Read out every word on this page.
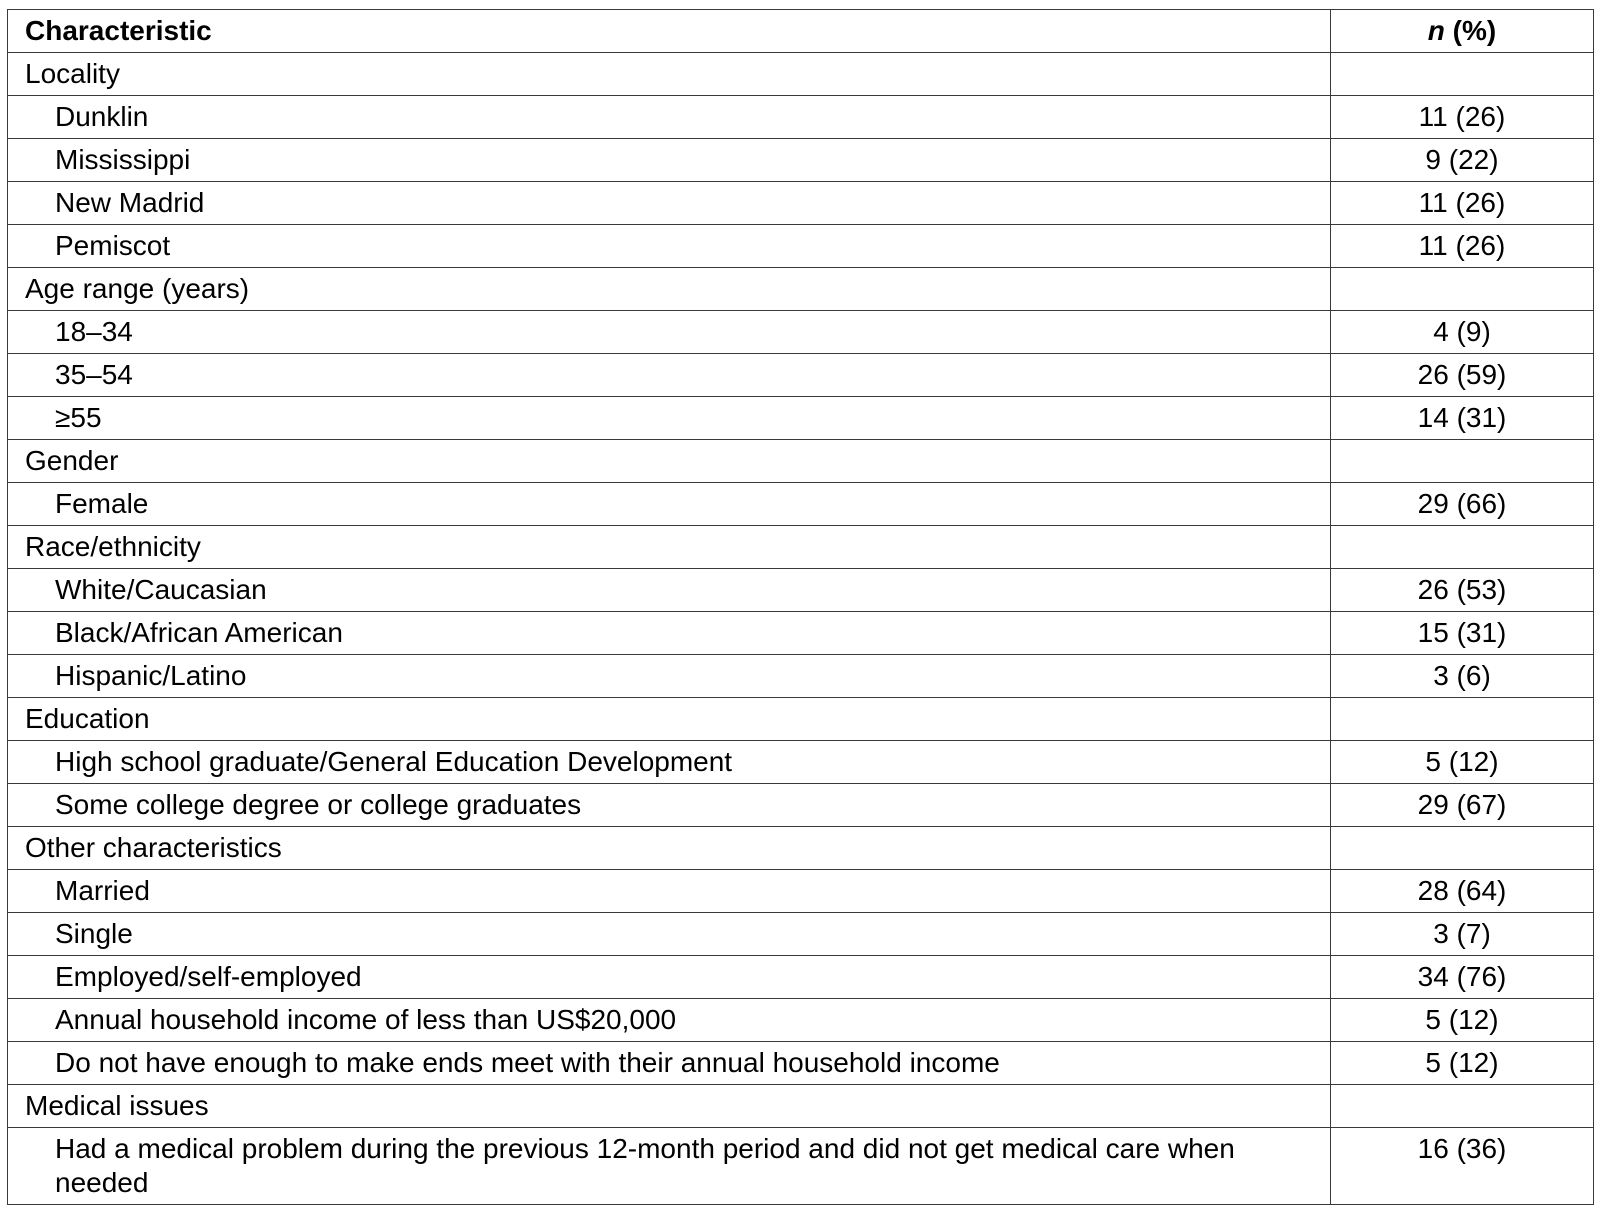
Characteristic	n (%)
Locality	
Dunklin	11 (26)
Mississippi	9 (22)
New Madrid	11 (26)
Pemiscot	11 (26)
Age range (years)	
18–34	4 (9)
35–54	26 (59)
≥55	14 (31)
Gender	
Female	29 (66)
Race/ethnicity	
White/Caucasian	26 (53)
Black/African American	15 (31)
Hispanic/Latino	3 (6)
Education	
High school graduate/General Education Development	5 (12)
Some college degree or college graduates	29 (67)
Other characteristics	
Married	28 (64)
Single	3 (7)
Employed/self-employed	34 (76)
Annual household income of less than US$20,000	5 (12)
Do not have enough to make ends meet with their annual household income	5 (12)
Medical issues	
Had a medical problem during the previous 12-month period and did not get medical care when needed	16 (36)
